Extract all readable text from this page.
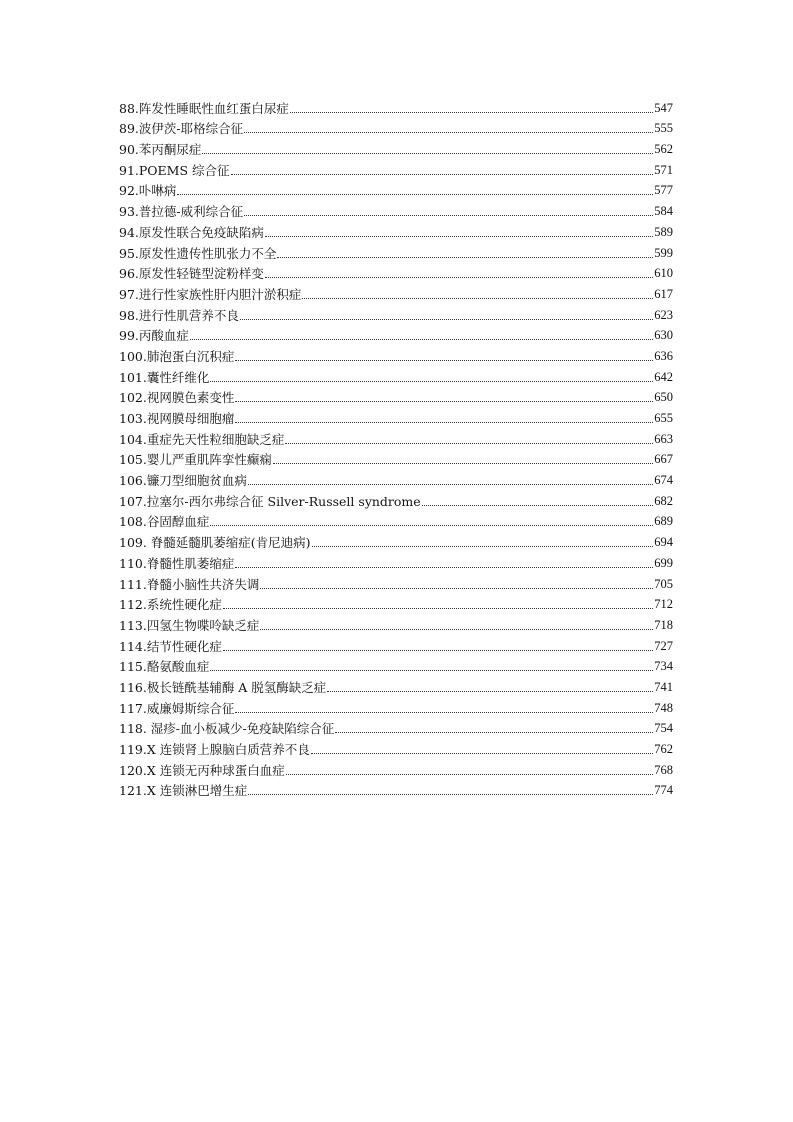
88.阵发性睡眠性血红蛋白尿症	547
89.波伊茨-耶格综合征	555
90.苯丙酮尿症	562
91.POEMS 综合征	571
92.卟啉病	577
93.普拉德-威利综合征	584
94.原发性联合免疫缺陷病	589
95.原发性遗传性肌张力不全	599
96.原发性轻链型淀粉样变	610
97.进行性家族性肝内胆汁淤积症	617
98.进行性肌营养不良	623
99.丙酸血症	630
100.肺泡蛋白沉积症	636
101.囊性纤维化	642
102.视网膜色素变性	650
103.视网膜母细胞瘤	655
104.重症先天性粒细胞缺乏症	663
105.婴儿严重肌阵挛性癫痫	667
106.镰刀型细胞贫血病	674
107.拉塞尔-西尔弗综合征 Silver-Russell syndrome	682
108.谷固醇血症	689
109. 脊髓延髓肌萎缩症(肯尼迪病)	694
110.脊髓性肌萎缩症	699
111.脊髓小脑性共济失调	705
112.系统性硬化症	712
113.四氢生物喋呤缺乏症	718
114.结节性硬化症	727
115.酪氨酸血症	734
116.极长链酰基辅酶 A 脱氢酶缺乏症	741
117.威廉姆斯综合征	748
118. 湿疹-血小板减少-免疫缺陷综合征	754
119.X 连锁肾上腺脑白质营养不良	762
120.X 连锁无丙种球蛋白血症	768
121.X 连锁淋巴增生症	774
